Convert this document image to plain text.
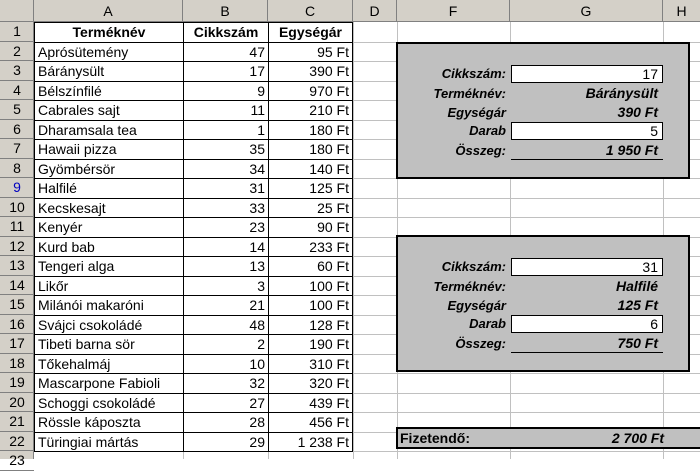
A	B	C	D	F	G	H
1
2
3
4
5
6
7
8
9
10
11
12
13
14
15
16
17
18
19
20
21
22
23
Terméknév	Cikkszám	Egységár
Aprósütemény	47	95 Ft
Báránysült	17	390 Ft
Bélszínfilé	9	970 Ft
Cabrales sajt	11	210 Ft
Dharamsala tea	1	180 Ft
Hawaii pizza	35	180 Ft
Gyömbérsör	34	140 Ft
Halfilé	31	125 Ft
Kecskesajt	33	25 Ft
Kenyér	23	90 Ft
Kurd bab	14	233 Ft
Tengeri alga	13	60 Ft
Likőr	3	100 Ft
Milánói makaróni	21	100 Ft
Svájci csokoládé	48	128 Ft
Tibeti barna sör	2	190 Ft
Tőkehalmáj	10	310 Ft
Mascarpone Fabioli	32	320 Ft
Schoggi csokoládé	27	439 Ft
Rössle káposzta	28	456 Ft
Türingiai mártás	29	1 238 Ft
Cikkszám:	17
Terméknév:	Báránysült
Egységár	390 Ft
Darab	5
Összeg:	1 950 Ft
Cikkszám:	31
Terméknév:	Halfilé
Egységár	125 Ft
Darab	6
Összeg:	750 Ft
Fizetendő:	2 700 Ft
